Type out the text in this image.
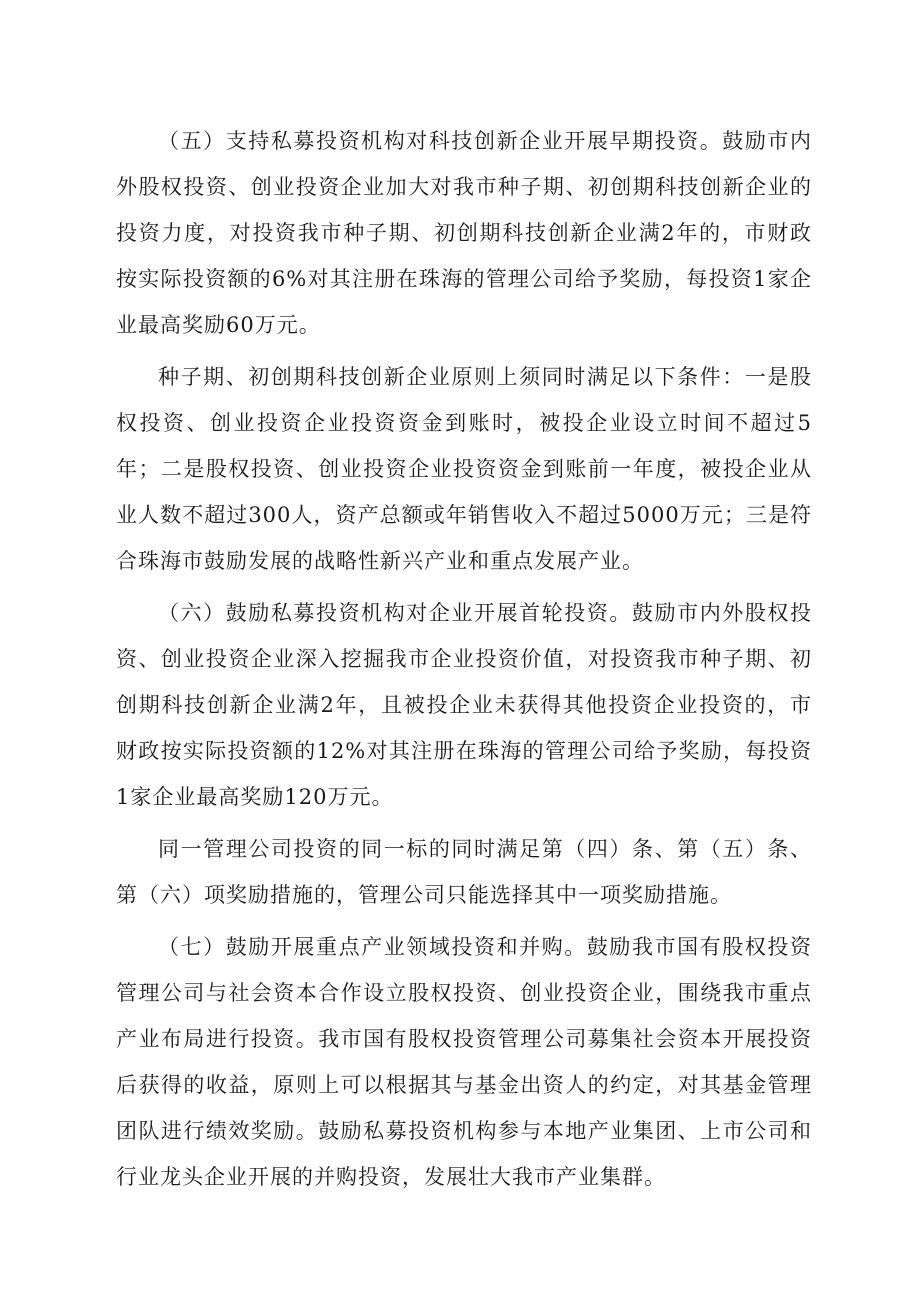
（五）支持私募投资机构对科技创新企业开展早期投资。鼓励市内外股权投资、创业投资企业加大对我市种子期、初创期科技创新企业的投资力度，对投资我市种子期、初创期科技创新企业满2年的，市财政按实际投资额的6%对其注册在珠海的管理公司给予奖励，每投资1家企业最高奖励60万元。

种子期、初创期科技创新企业原则上须同时满足以下条件：一是股权投资、创业投资企业投资资金到账时，被投企业设立时间不超过5年；二是股权投资、创业投资企业投资资金到账前一年度，被投企业从业人数不超过300人，资产总额或年销售收入不超过5000万元；三是符合珠海市鼓励发展的战略性新兴产业和重点发展产业。

（六）鼓励私募投资机构对企业开展首轮投资。鼓励市内外股权投资、创业投资企业深入挖掘我市企业投资价值，对投资我市种子期、初创期科技创新企业满2年，且被投企业未获得其他投资企业投资的，市财政按实际投资额的12%对其注册在珠海的管理公司给予奖励，每投资1家企业最高奖励120万元。

同一管理公司投资的同一标的同时满足第（四）条、第（五）条、第（六）项奖励措施的，管理公司只能选择其中一项奖励措施。

（七）鼓励开展重点产业领域投资和并购。鼓励我市国有股权投资管理公司与社会资本合作设立股权投资、创业投资企业，围绕我市重点产业布局进行投资。我市国有股权投资管理公司募集社会资本开展投资后获得的收益，原则上可以根据其与基金出资人的约定，对其基金管理团队进行绩效奖励。鼓励私募投资机构参与本地产业集团、上市公司和行业龙头企业开展的并购投资，发展壮大我市产业集群。
